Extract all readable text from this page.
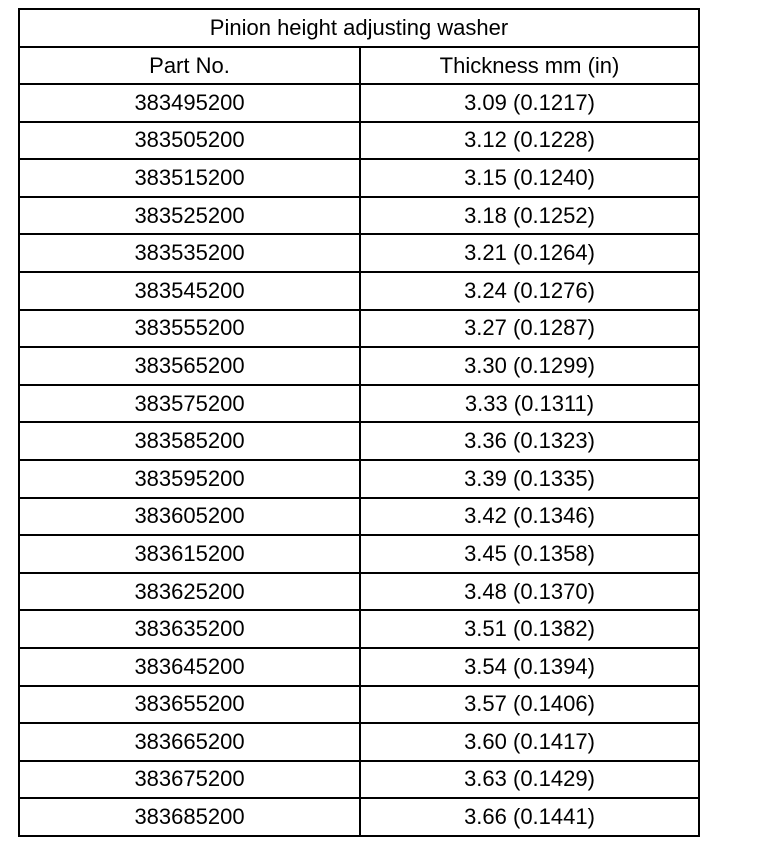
Pinion height adjusting washer	
Part No.	Thickness mm (in)
383495200	3.09 (0.1217)
383505200	3.12 (0.1228)
383515200	3.15 (0.1240)
383525200	3.18 (0.1252)
383535200	3.21 (0.1264)
383545200	3.24 (0.1276)
383555200	3.27 (0.1287)
383565200	3.30 (0.1299)
383575200	3.33 (0.1311)
383585200	3.36 (0.1323)
383595200	3.39 (0.1335)
383605200	3.42 (0.1346)
383615200	3.45 (0.1358)
383625200	3.48 (0.1370)
383635200	3.51 (0.1382)
383645200	3.54 (0.1394)
383655200	3.57 (0.1406)
383665200	3.60 (0.1417)
383675200	3.63 (0.1429)
383685200	3.66 (0.1441)
